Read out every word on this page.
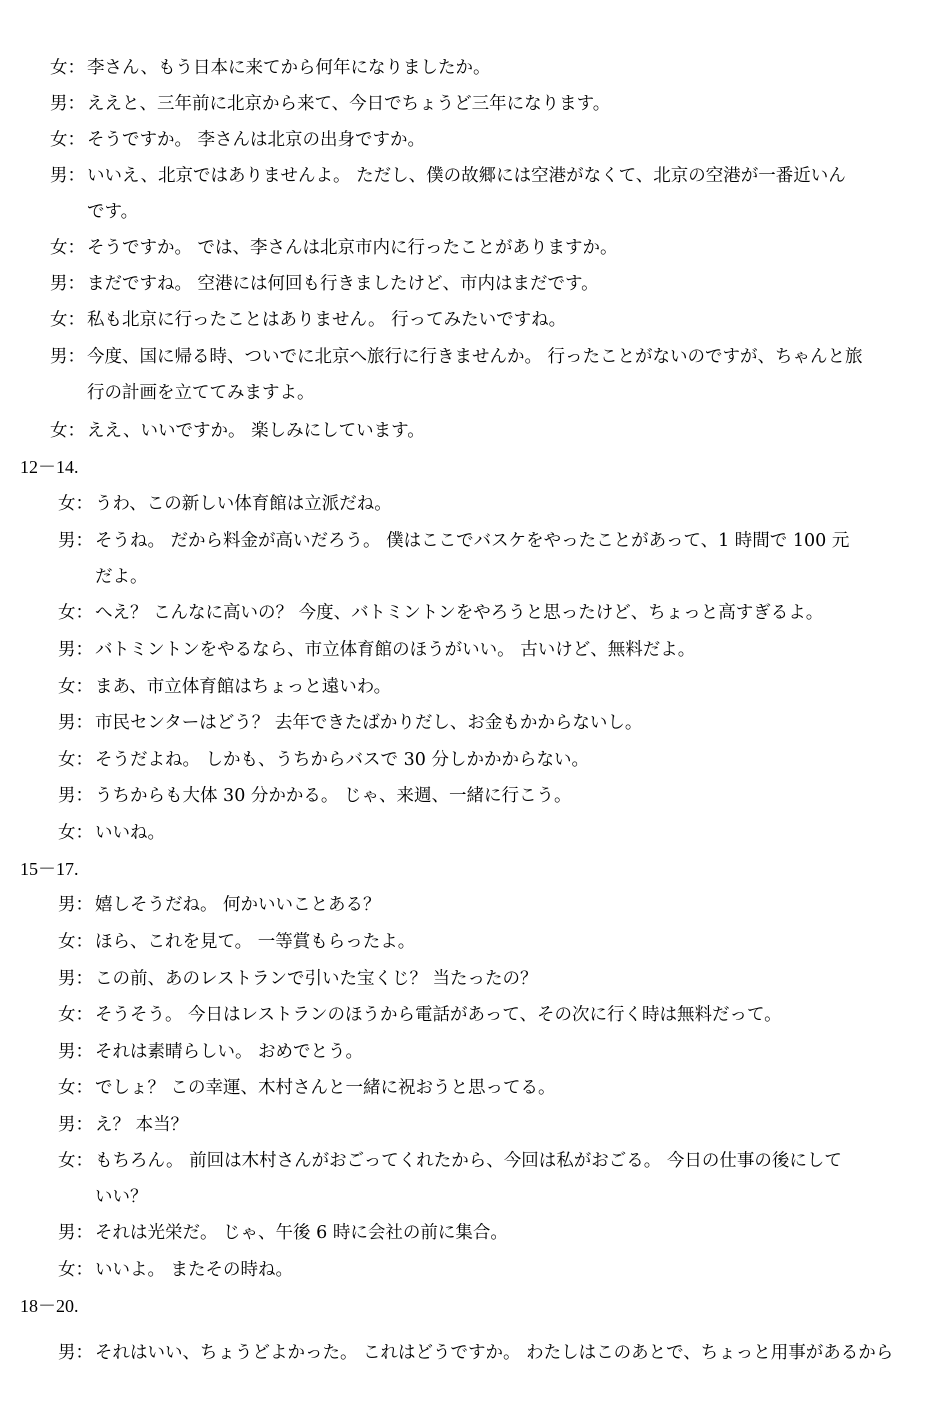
女： 李さん、もう日本に来てから何年になりましたか。
男： ええと、三年前に北京から来て、今日でちょうど三年になります。
女： そうですか。 李さんは北京の出身ですか。
男： いいえ、北京ではありませんよ。 ただし、僕の故郷には空港がなくて、北京の空港が一番近いん
です。
女： そうですか。 では、李さんは北京市内に行ったことがありますか。
男： まだですね。 空港には何回も行きましたけど、市内はまだです。
女： 私も北京に行ったことはありません。 行ってみたいですね。
男： 今度、国に帰る時、ついでに北京へ旅行に行きませんか。 行ったことがないのですが、ちゃんと旅
行の計画を立ててみますよ。
女： ええ、いいですか。 楽しみにしています。
12－14.
女： うわ、この新しい体育館は立派だね。
男： そうね。 だから料金が高いだろう。 僕はここでバスケをやったことがあって、1 時間で 100 元
だよ。
女： へえ？ こんなに高いの？ 今度、バトミントンをやろうと思ったけど、ちょっと高すぎるよ。
男： バトミントンをやるなら、市立体育館のほうがいい。 古いけど、無料だよ。
女： まあ、市立体育館はちょっと遠いわ。
男： 市民センターはどう？ 去年できたばかりだし、お金もかからないし。
女： そうだよね。 しかも、うちからバスで 30 分しかかからない。
男： うちからも大体 30 分かかる。 じゃ、来週、一緒に行こう。
女： いいね。
15－17.
男： 嬉しそうだね。 何かいいことある？
女： ほら、これを見て。 一等賞もらったよ。
男： この前、あのレストランで引いた宝くじ？ 当たったの？
女： そうそう。 今日はレストランのほうから電話があって、その次に行く時は無料だって。
男： それは素晴らしい。 おめでとう。
女： でしょ？ この幸運、木村さんと一緒に祝おうと思ってる。
男： え？ 本当？
女： もちろん。 前回は木村さんがおごってくれたから、今回は私がおごる。 今日の仕事の後にして
いい？
男： それは光栄だ。 じゃ、午後 6 時に会社の前に集合。
女： いいよ。 またその時ね。
18－20.
男： それはいい、ちょうどよかった。 これはどうですか。 わたしはこのあとで、ちょっと用事があるから
